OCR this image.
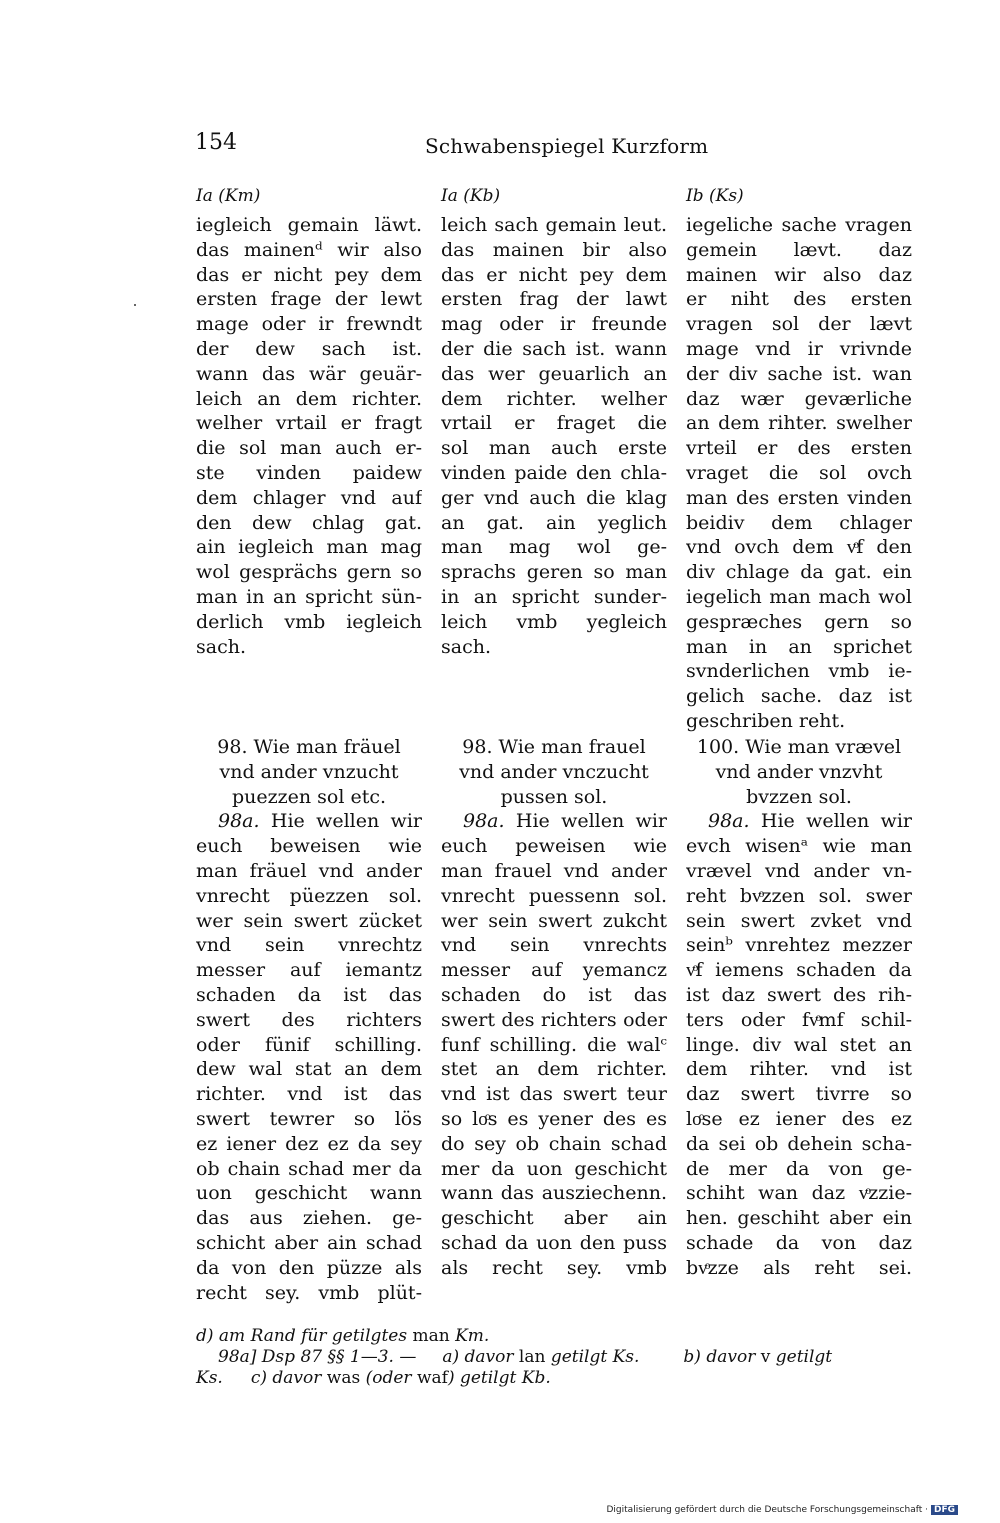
154	Schwabenspiegel Kurzform
Ia (Km)
iegleich gemain läwt.
das mainenᵈ wir also
das er nicht pey dem
ersten frage der lewt
mage oder ir frewndt
der dew sach ist.
wann das wär geuär-
leich an dem richter.
welher vrtail er fragt
die sol man auch er-
ste vinden paidew
dem chlager vnd auf
den dew chlag gat.
ain iegleich man mag
wol gesprächs gern so
man in an spricht sün-
derlich vmb iegleich
sach.
98. Wie man fräuel
vnd ander vnzucht
puezzen sol etc.
98a. Hie wellen wir
euch beweisen wie
man fräuel vnd ander
vnrecht püezzen sol.
wer sein swert zücket
vnd sein vnrechtz
messer auf iemantz
schaden da ist das
swert des richters
oder fünif schilling.
dew wal stat an dem
richter. vnd ist das
swert tewrer so lös
ez iener dez ez da sey
ob chain schad mer da
uon geschicht wann
das aus ziehen. ge-
schicht aber ain schad
da von den püzze als
recht sey. vmb plüt-
Ia (Kb)
leich sach gemain leut.
das mainen bir also
das er nicht pey dem
ersten frag der lawt
mag oder ir freunde
der die sach ist. wann
das wer geuarlich an
dem richter. welher
vrtail er fraget die
sol man auch erste
vinden paide den chla-
ger vnd auch die klag
an gat. ain yeglich
man mag wol ge-
sprachs geren so man
in an spricht sunder-
leich vmb yegleich
sach.
98. Wie man frauel
vnd ander vnczucht
pussen sol.
98a. Hie wellen wir
euch peweisen wie
man frauel vnd ander
vnrecht puessenn sol.
wer sein swert zukcht
vnd sein vnrechts
messer auf yemancz
schaden do ist das
swert des richters oder
funf schilling. die walᶜ
stet an dem richter.
vnd ist das swert teur
so loͦs es yener des es
do sey ob chain schad
mer da uon geschicht
wann das ausziechenn.
geschicht aber ain
schad da uon den puss
als recht sey. vmb
Ib (Ks)
iegeliche sache vragen
gemein lævt. daz
mainen wir also daz
er niht des ersten
vragen sol der lævt
mage vnd ir vrivnde
der div sache ist. wan
daz wær geværliche
an dem rihter. swelher
vrteil er des ersten
vraget die sol ovch
man des ersten vinden
beidiv dem chlager
vnd ovch dem vͦf den
div chlage da gat. ein
iegelich man mach wol
gespræches gern so
man in an sprichet
svnderlichen vmb ie-
gelich sache. daz ist
geschriben reht.
100. Wie man vrævel
vnd ander vnzvht
bvzzen sol.
98a. Hie wellen wir
evch wisenᵃ wie man
vrævel vnd ander vn-
reht bvͦzzen sol. swer
sein swert zvket vnd
seinᵇ vnrehtez mezzer
vͦf iemens schaden da
ist daz swert des rih-
ters oder fvͦmf schil-
linge. div wal stet an
dem rihter. vnd ist
daz swert tivrre so
loͦse ez iener des ez
da sei ob dehein scha-
de mer da von ge-
schiht wan daz vͦzzie-
hen. geschiht aber ein
schade da von daz
bvͦzze als reht sei.
d) am Rand für getilgtes man Km.
98a] Dsp 87 §§ 1—3. — a) davor lan getilgt Ks.	b) davor v getilgt
Ks. c) davor was (oder waf) getilgt Kb.
Digitalisierung gefördert durch die Deutsche Forschungsgemeinschaft · DFG
